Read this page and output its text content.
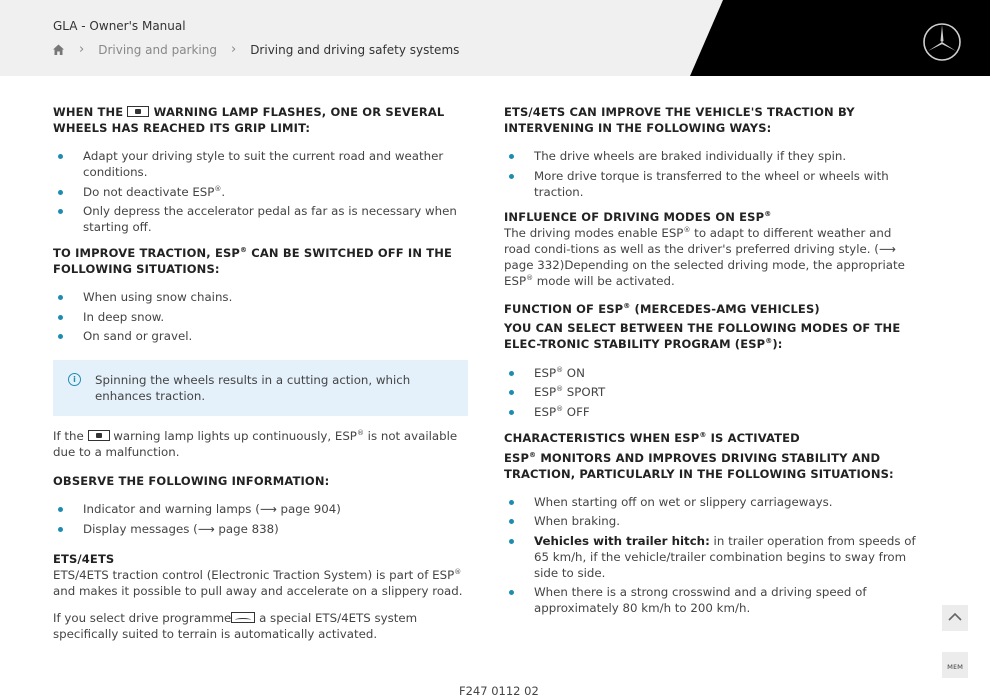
GLA - Owner's Manual
› Driving and parking › Driving and driving safety systems

WHEN THE	WARNING LAMP FLASHES, ONE OR SEVERAL WHEELS HAS REACHED ITS GRIP LIMIT:

Adapt your driving style to suit the current road and weather conditions.
Do not deactivate ESP®.
Only depress the accelerator pedal as far as is necessary when starting off.

TO IMPROVE TRACTION, ESP® CAN BE SWITCHED OFF IN THE FOLLOWING SITUATIONS:

When using snow chains.
In deep snow.
On sand or gravel.
i	Spinning the wheels results in a cutting action, which enhances traction.

If the	warning lamp lights up continuously, ESP® is not available due to a malfunction.

OBSERVE THE FOLLOWING INFORMATION:

Indicator and warning lamps (⟶ page 904)
Display messages (⟶ page 838)

ETS/4ETS

ETS/4ETS traction control (Electronic Traction System) is part of ESP® and makes it possible to pull away and accelerate on a slippery road.

If you select drive programme a special ETS/4ETS system specifically suited to terrain is automatically activated.

ETS/4ETS CAN IMPROVE THE VEHICLE'S TRACTION BY INTERVENING IN THE FOLLOWING WAYS:

The drive wheels are braked individually if they spin.
More drive torque is transferred to the wheel or wheels with traction.

INFLUENCE OF DRIVING MODES ON ESP®

The driving modes enable ESP® to adapt to different weather and road condi-tions as well as the driver's preferred driving style. (⟶ page 332)Depending on the selected driving mode, the appropriate ESP® mode will be activated.

FUNCTION OF ESP® (MERCEDES-AMG VEHICLES)

YOU CAN SELECT BETWEEN THE FOLLOWING MODES OF THE ELEC-TRONIC STABILITY PROGRAM (ESP®):

ESP® ON
ESP® SPORT
ESP® OFF

CHARACTERISTICS WHEN ESP® IS ACTIVATED

ESP® MONITORS AND IMPROVES DRIVING STABILITY AND TRACTION, PARTICULARLY IN THE FOLLOWING SITUATIONS:

When starting off on wet or slippery carriageways.
When braking.
Vehicles with trailer hitch: in trailer operation from speeds of 65 km/h, if the vehicle/trailer combination begins to sway from side to side.
When there is a strong crosswind and a driving speed of approximately 80 km/h to 200 km/h.
ᴍᴇᴍ
F247 0112 02
